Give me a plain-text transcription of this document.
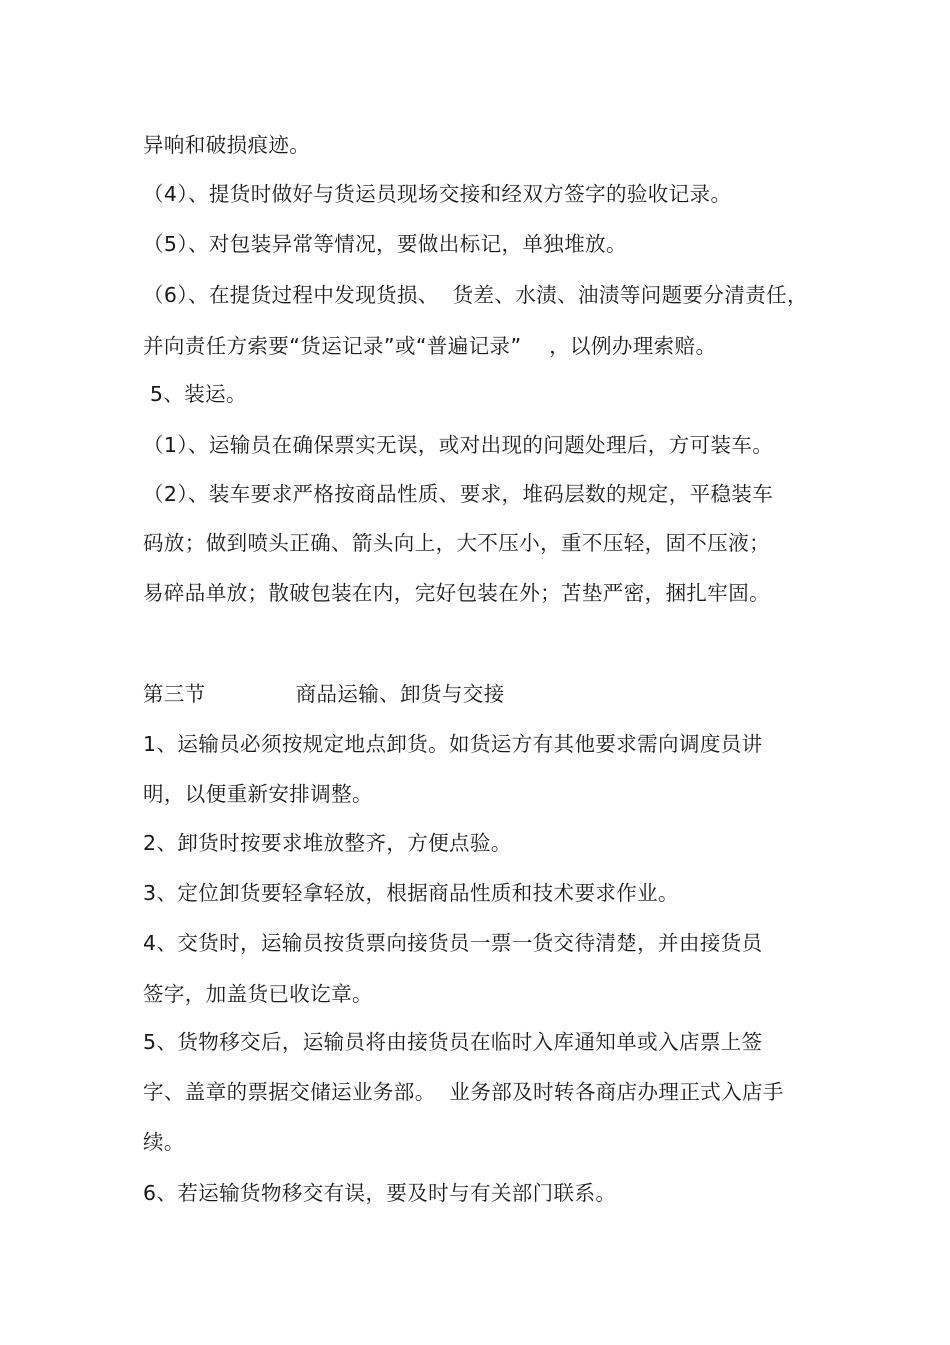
异响和破损痕迹。
（4）、提货时做好与货运员现场交接和经双方签字的验收记录。
（5）、对包装异常等情况，要做出标记，单独堆放。
（6）、在提货过程中发现货损、  货差、水渍、油渍等问题要分清责任，
并向责任方索要“货运记录”或“普遍记录”    ，以例办理索赔。
5、装运。
（1）、运输员在确保票实无误，或对出现的问题处理后，方可装车。
（2）、装车要求严格按商品性质、要求，堆码层数的规定，平稳装车
码放；做到喷头正确、箭头向上，大不压小，重不压轻，固不压液；
易碎品单放；散破包装在内，完好包装在外；苫垫严密，捆扎牢固。
第三节             商品运输、卸货与交接
1、运输员必须按规定地点卸货。如货运方有其他要求需向调度员讲
明，以便重新安排调整。
2、卸货时按要求堆放整齐，方便点验。
3、定位卸货要轻拿轻放，根据商品性质和技术要求作业。
4、交货时，运输员按货票向接货员一票一货交待清楚，并由接货员
签字，加盖货已收讫章。
5、货物移交后，运输员将由接货员在临时入库通知单或入店票上签
字、盖章的票据交储运业务部。  业务部及时转各商店办理正式入店手
续。
6、若运输货物移交有误，要及时与有关部门联系。
